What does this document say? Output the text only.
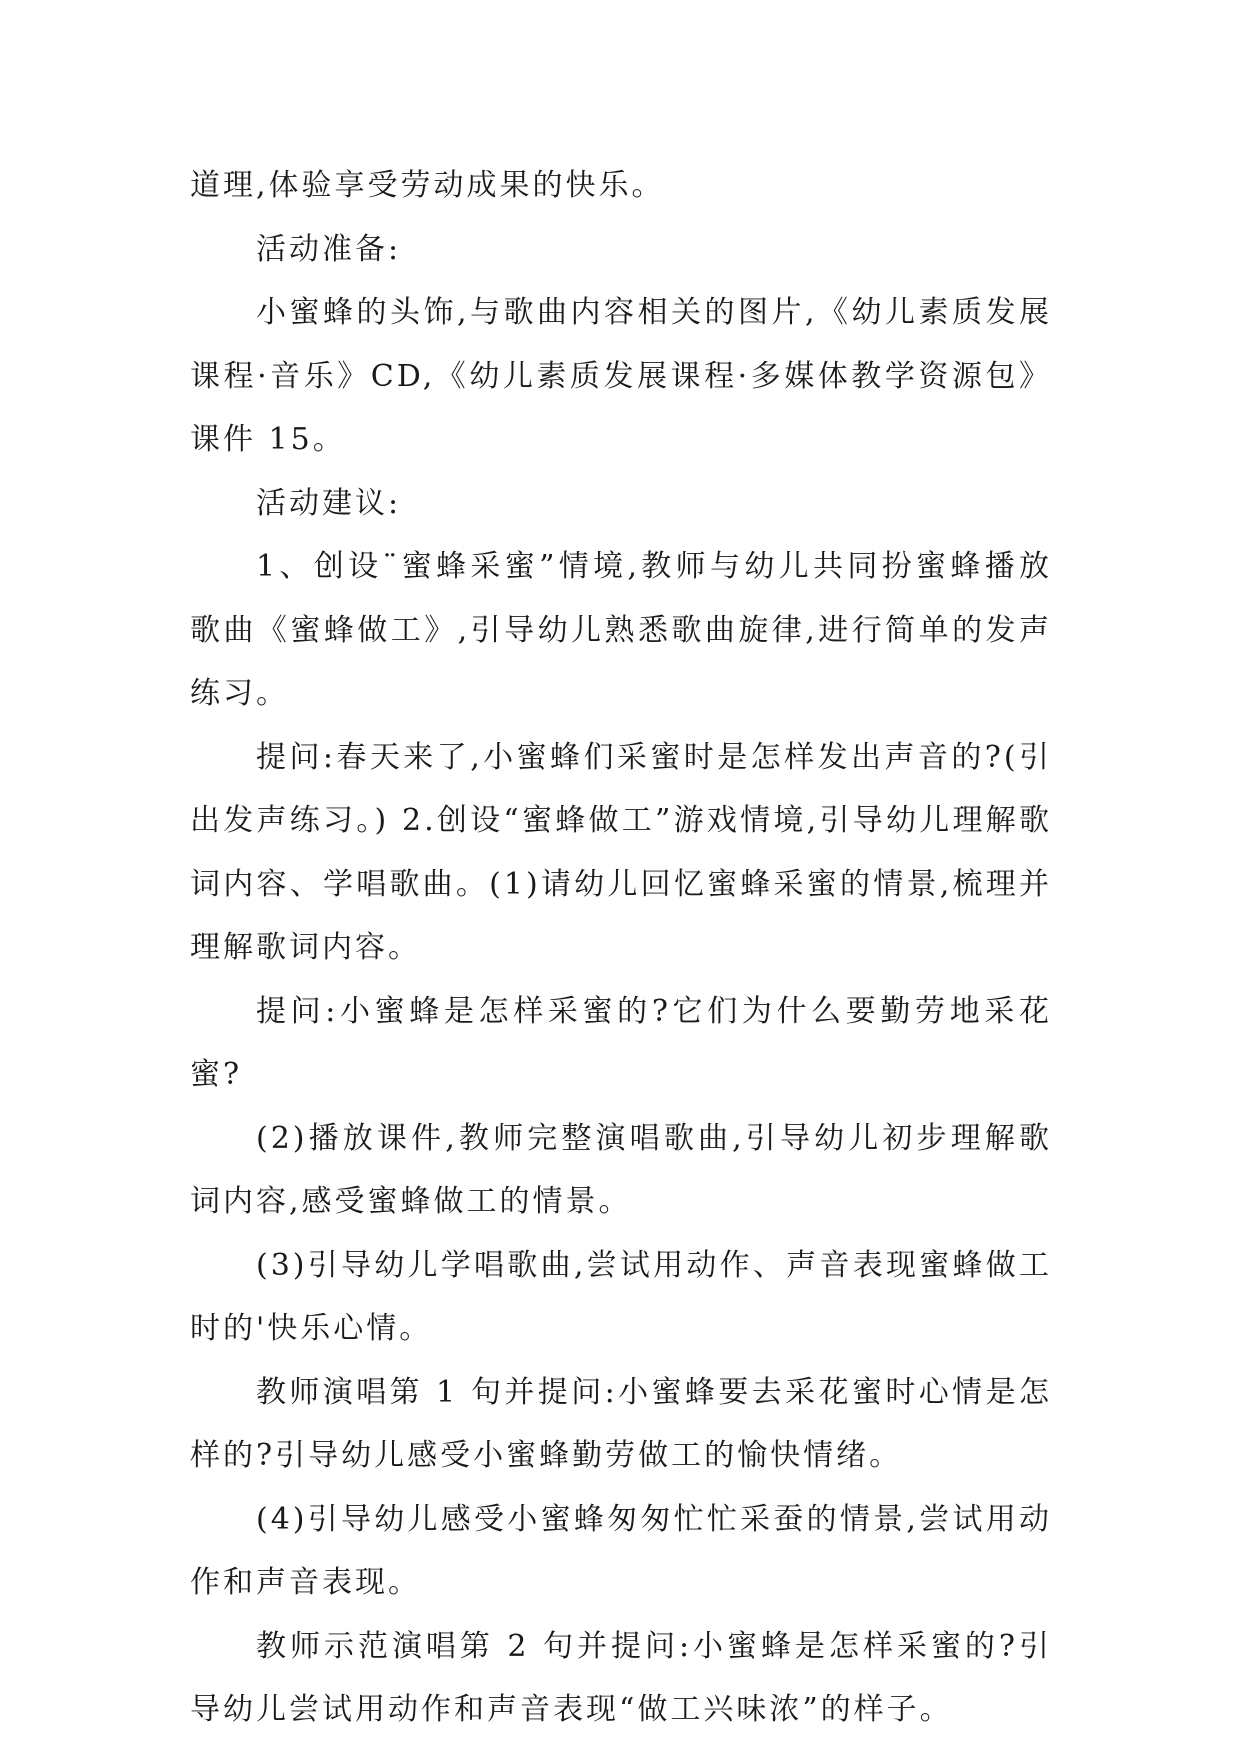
道理,体验享受劳动成果的快乐。

活动准备:

小蜜蜂的头饰,与歌曲内容相关的图片,《幼儿素质发展课程·音乐》CD,《幼儿素质发展课程·多媒体教学资源包》课件 15。

活动建议:

1、创设¨蜜蜂采蜜”情境,教师与幼儿共同扮蜜蜂播放歌曲《蜜蜂做工》,引导幼儿熟悉歌曲旋律,进行简单的发声练习。

提问:春天来了,小蜜蜂们采蜜时是怎样发出声音的?(引出发声练习。) 2.创设“蜜蜂做工”游戏情境,引导幼儿理解歌词内容、学唱歌曲。(1)请幼儿回忆蜜蜂采蜜的情景,梳理并理解歌词内容。

提问:小蜜蜂是怎样采蜜的?它们为什么要勤劳地采花蜜?

(2)播放课件,教师完整演唱歌曲,引导幼儿初步理解歌词内容,感受蜜蜂做工的情景。

(3)引导幼儿学唱歌曲,尝试用动作、声音表现蜜蜂做工时的'快乐心情。

教师演唱第 1 句并提问:小蜜蜂要去采花蜜时心情是怎样的?引导幼儿感受小蜜蜂勤劳做工的愉快情绪。

(4)引导幼儿感受小蜜蜂匆匆忙忙采蚕的情景,尝试用动作和声音表现。

教师示范演唱第 2 句并提问:小蜜蜂是怎样采蜜的?引导幼儿尝试用动作和声音表现“做工兴味浓”的样子。
